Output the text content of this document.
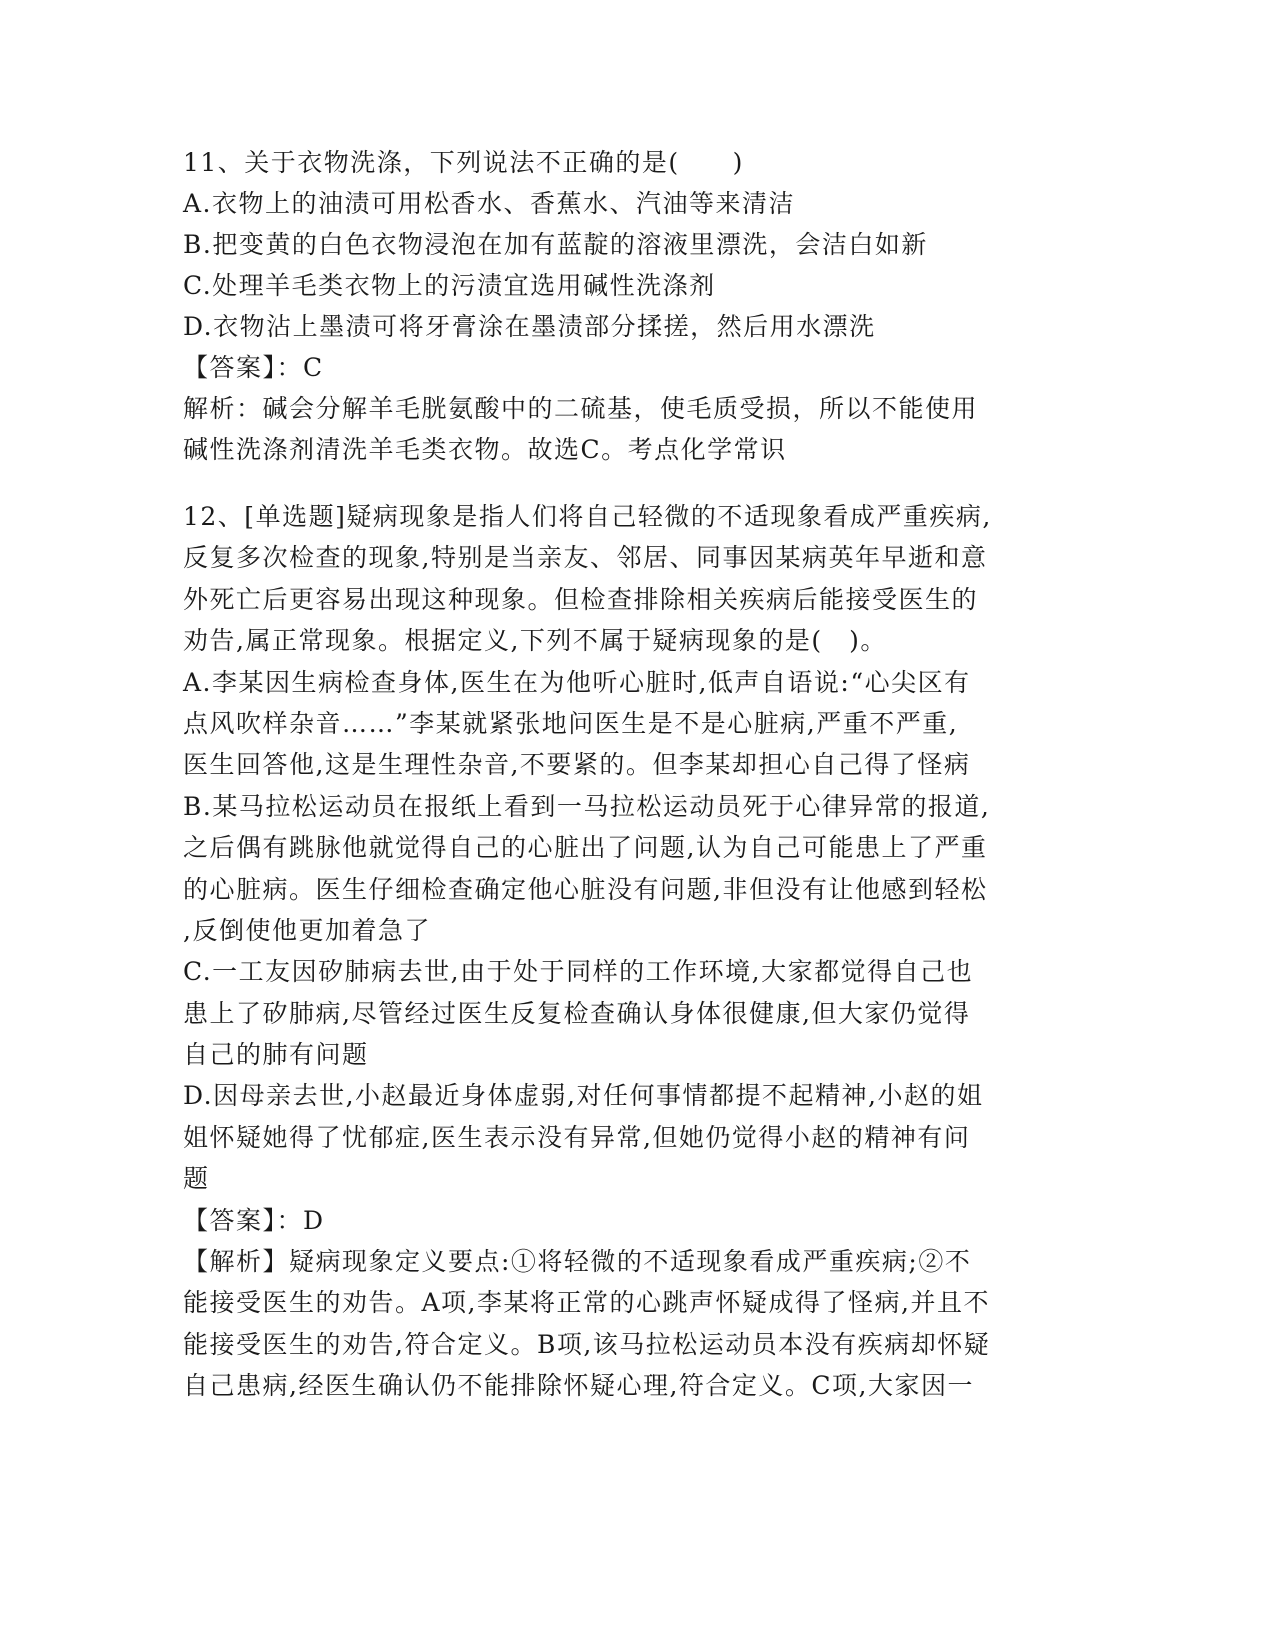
11、关于衣物洗涤，下列说法不正确的是(　　)
A.衣物上的油渍可用松香水、香蕉水、汽油等来清洁
B.把变黄的白色衣物浸泡在加有蓝靛的溶液里漂洗，会洁白如新
C.处理羊毛类衣物上的污渍宜选用碱性洗涤剂
D.衣物沾上墨渍可将牙膏涂在墨渍部分揉搓，然后用水漂洗
【答案】：C
解析：碱会分解羊毛胱氨酸中的二硫基，使毛质受损，所以不能使用
碱性洗涤剂清洗羊毛类衣物。故选C。考点化学常识
12、[单选题]疑病现象是指人们将自己轻微的不适现象看成严重疾病,
反复多次检查的现象,特别是当亲友、邻居、同事因某病英年早逝和意
外死亡后更容易出现这种现象。但检查排除相关疾病后能接受医生的
劝告,属正常现象。根据定义,下列不属于疑病现象的是(　)。
A.李某因生病检查身体,医生在为他听心脏时,低声自语说:“心尖区有
点风吹样杂音……”李某就紧张地问医生是不是心脏病,严重不严重,
医生回答他,这是生理性杂音,不要紧的。但李某却担心自己得了怪病
B.某马拉松运动员在报纸上看到一马拉松运动员死于心律异常的报道,
之后偶有跳脉他就觉得自己的心脏出了问题,认为自己可能患上了严重
的心脏病。医生仔细检查确定他心脏没有问题,非但没有让他感到轻松
,反倒使他更加着急了
C.一工友因矽肺病去世,由于处于同样的工作环境,大家都觉得自己也
患上了矽肺病,尽管经过医生反复检查确认身体很健康,但大家仍觉得
自己的肺有问题
D.因母亲去世,小赵最近身体虚弱,对任何事情都提不起精神,小赵的姐
姐怀疑她得了忧郁症,医生表示没有异常,但她仍觉得小赵的精神有问
题
【答案】：D
【解析】疑病现象定义要点:①将轻微的不适现象看成严重疾病;②不
能接受医生的劝告。A项,李某将正常的心跳声怀疑成得了怪病,并且不
能接受医生的劝告,符合定义。B项,该马拉松运动员本没有疾病却怀疑
自己患病,经医生确认仍不能排除怀疑心理,符合定义。C项,大家因一
